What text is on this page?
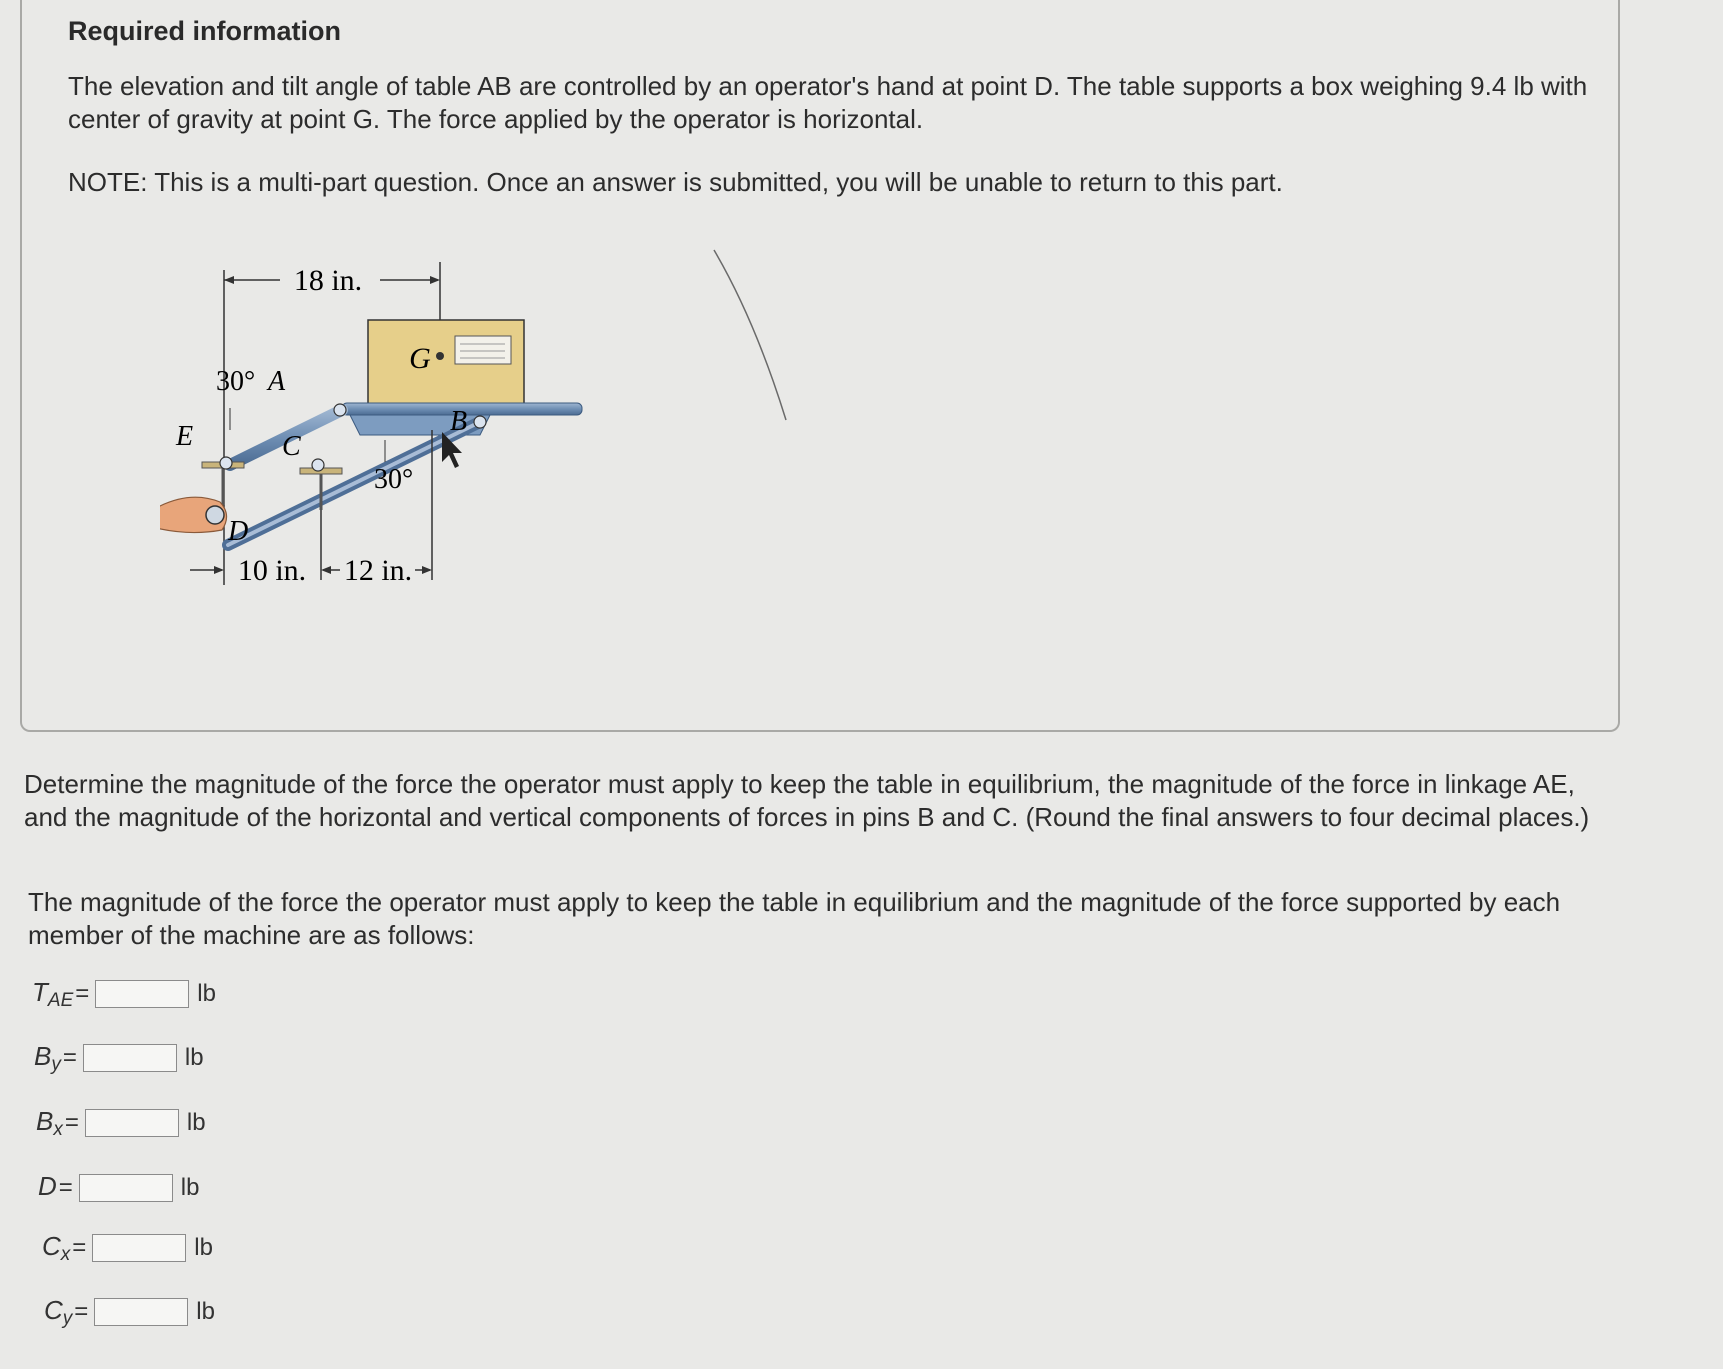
Required information
The elevation and tilt angle of table AB are controlled by an operator's hand at point D. The table supports a box weighing 9.4 lb with center of gravity at point G. The force applied by the operator is horizontal.
NOTE: This is a multi-part question. Once an answer is submitted, you will be unable to return to this part.
18 in.
G
30° A
B
C
E
D
30°
10 in. 12 in.
Determine the magnitude of the force the operator must apply to keep the table in equilibrium, the magnitude of the force in linkage AE, and the magnitude of the horizontal and vertical components of forces in pins B and C. (Round the final answers to four decimal places.)
The magnitude of the force the operator must apply to keep the table in equilibrium and the magnitude of the force supported by each member of the machine are as follows:
$T_{AE}$ =	lb
$B_y$ =	lb
$B_x$ =	lb
D =	lb
$C_x$ =	lb
$C_y$ =	lb
